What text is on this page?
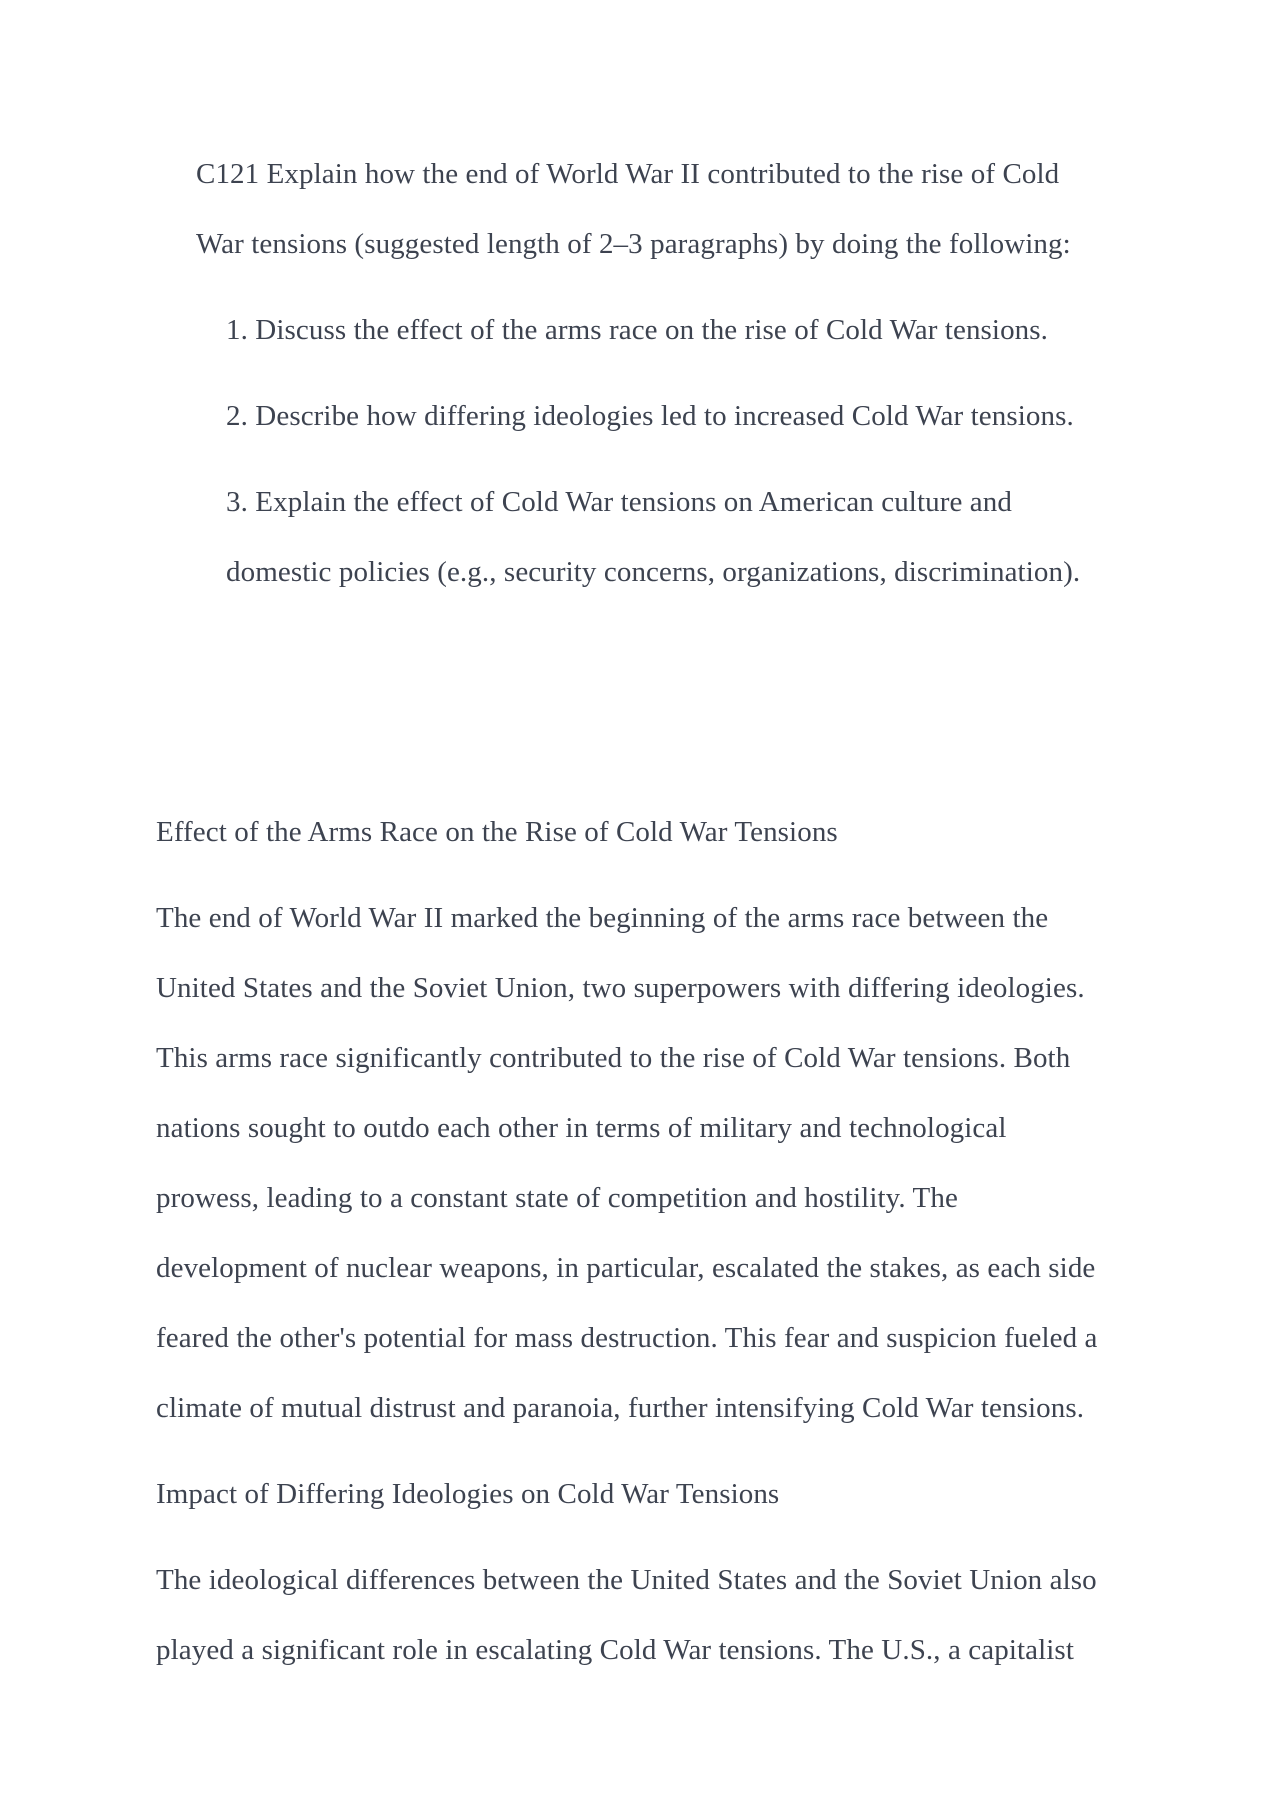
C121 Explain how the end of World War II contributed to the rise of Cold
War tensions (suggested length of 2–3 paragraphs) by doing the following:
1. Discuss the effect of the arms race on the rise of Cold War tensions.
2. Describe how differing ideologies led to increased Cold War tensions.
3. Explain the effect of Cold War tensions on American culture and
domestic policies (e.g., security concerns, organizations, discrimination).
Effect of the Arms Race on the Rise of Cold War Tensions
The end of World War II marked the beginning of the arms race between the
United States and the Soviet Union, two superpowers with differing ideologies.
This arms race significantly contributed to the rise of Cold War tensions. Both
nations sought to outdo each other in terms of military and technological
prowess, leading to a constant state of competition and hostility. The
development of nuclear weapons, in particular, escalated the stakes, as each side
feared the other's potential for mass destruction. This fear and suspicion fueled a
climate of mutual distrust and paranoia, further intensifying Cold War tensions.
Impact of Differing Ideologies on Cold War Tensions
The ideological differences between the United States and the Soviet Union also
played a significant role in escalating Cold War tensions. The U.S., a capitalist
